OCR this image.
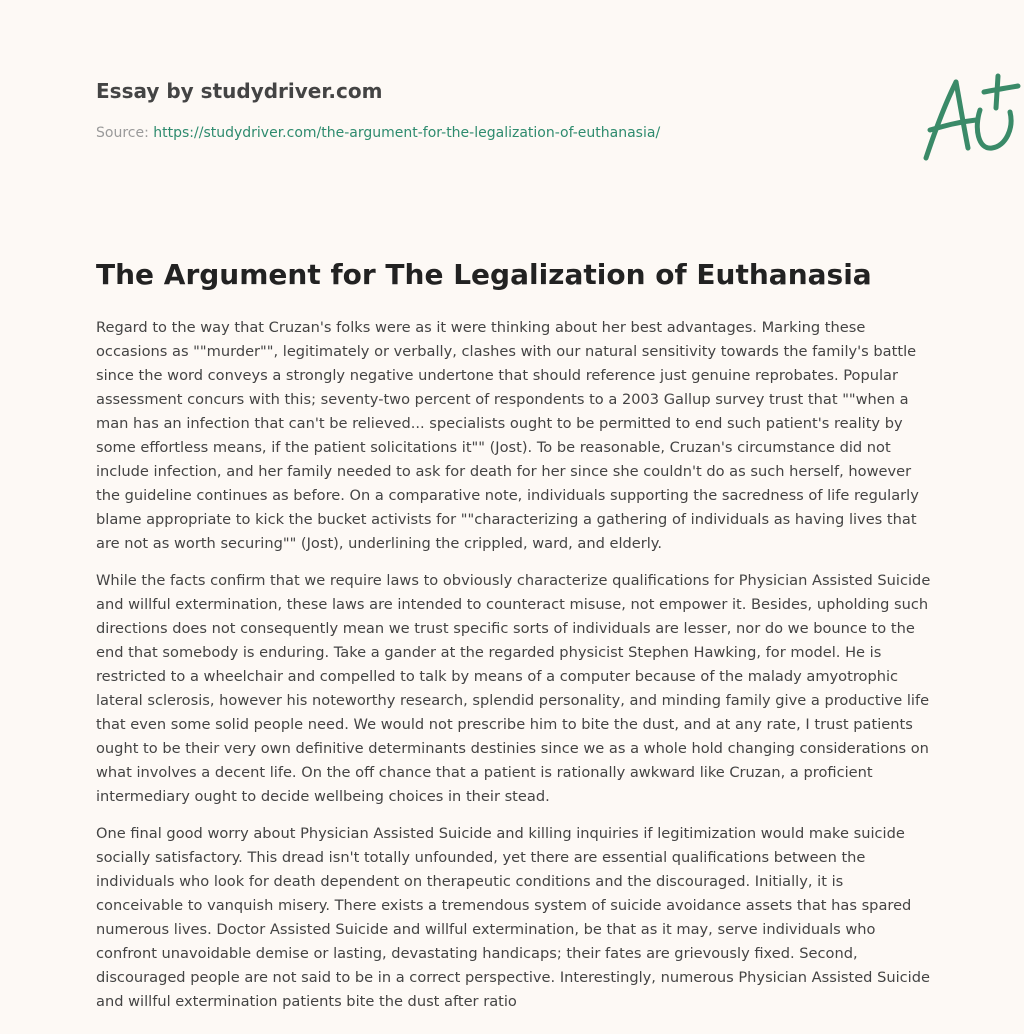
Essay by studydriver.com
Source: https://studydriver.com/the-argument-for-the-legalization-of-euthanasia/
The Argument for The Legalization of Euthanasia

Regard to the way that Cruzan's folks were as it were thinking about her best advantages. Marking these occasions as ""murder"", legitimately or verbally, clashes with our natural sensitivity towards the family's battle since the word conveys a strongly negative undertone that should reference just genuine reprobates. Popular assessment concurs with this; seventy-two percent of respondents to a 2003 Gallup survey trust that ""when a man has an infection that can't be relieved... specialists ought to be permitted to end such patient's reality by some effortless means, if the patient solicitations it"" (Jost). To be reasonable, Cruzan's circumstance did not include infection, and her family needed to ask for death for her since she couldn't do as such herself, however the guideline continues as before. On a comparative note, individuals supporting the sacredness of life regularly blame appropriate to kick the bucket activists for ""characterizing a gathering of individuals as having lives that are not as worth securing"" (Jost), underlining the crippled, ward, and elderly.

While the facts confirm that we require laws to obviously characterize qualifications for Physician Assisted Suicide and willful extermination, these laws are intended to counteract misuse, not empower it. Besides, upholding such directions does not consequently mean we trust specific sorts of individuals are lesser, nor do we bounce to the end that somebody is enduring. Take a gander at the regarded physicist Stephen Hawking, for model. He is restricted to a wheelchair and compelled to talk by means of a computer because of the malady amyotrophic lateral sclerosis, however his noteworthy research, splendid personality, and minding family give a productive life that even some solid people need. We would not prescribe him to bite the dust, and at any rate, I trust patients ought to be their very own definitive determinants destinies since we as a whole hold changing considerations on what involves a decent life. On the off chance that a patient is rationally awkward like Cruzan, a proficient intermediary ought to decide wellbeing choices in their stead.

One final good worry about Physician Assisted Suicide and killing inquiries if legitimization would make suicide socially satisfactory. This dread isn't totally unfounded, yet there are essential qualifications between the individuals who look for death dependent on therapeutic conditions and the discouraged. Initially, it is conceivable to vanquish misery. There exists a tremendous system of suicide avoidance assets that has spared numerous lives. Doctor Assisted Suicide and willful extermination, be that as it may, serve individuals who confront unavoidable demise or lasting, devastating handicaps; their fates are grievously fixed. Second, discouraged people are not said to be in a correct perspective. Interestingly, numerous Physician Assisted Suicide and willful extermination patients bite the dust after ratio
